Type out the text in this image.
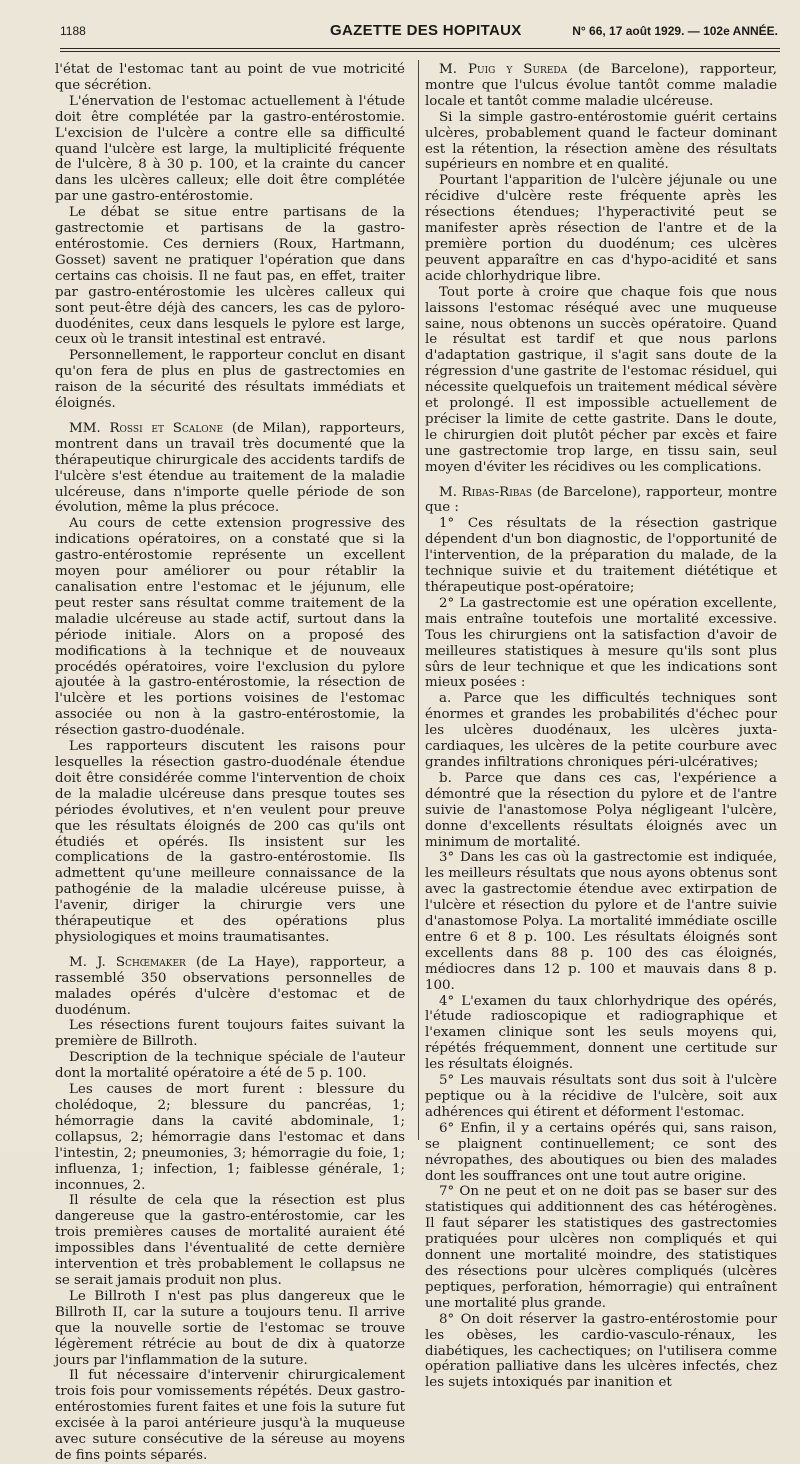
1188	GAZETTE DES HOPITAUX	N° 66, 17 août 1929. — 102e ANNÉE.

l'état de l'estomac tant au point de vue motricité que sécrétion.

L'énervation de l'estomac actuellement à l'étude doit être complétée par la gastro-entérostomie. L'excision de l'ulcère a contre elle sa difficulté quand l'ulcère est large, la multiplicité fréquente de l'ulcère, 8 à 30 p. 100, et la crainte du cancer dans les ulcères calleux; elle doit être complétée par une gastro-entérostomie.

Le débat se situe entre partisans de la gastrectomie et partisans de la gastro-entérostomie. Ces derniers (Roux, Hartmann, Gosset) savent ne pratiquer l'opération que dans certains cas choisis. Il ne faut pas, en effet, traiter par gastro-entérostomie les ulcères calleux qui sont peut-être déjà des cancers, les cas de pyloro-duodénites, ceux dans lesquels le pylore est large, ceux où le transit intestinal est entravé.

Personnellement, le rapporteur conclut en disant qu'on fera de plus en plus de gastrectomies en raison de la sécurité des résultats immédiats et éloignés.

MM. Rossi et Scalone (de Milan), rapporteurs, montrent dans un travail très documenté que la thérapeutique chirurgicale des accidents tardifs de l'ulcère s'est étendue au traitement de la maladie ulcéreuse, dans n'importe quelle période de son évolution, même la plus précoce.

Au cours de cette extension progressive des indications opératoires, on a constaté que si la gastro-entérostomie représente un excellent moyen pour améliorer ou pour rétablir la canalisation entre l'estomac et le jéjunum, elle peut rester sans résultat comme traitement de la maladie ulcéreuse au stade actif, surtout dans la période initiale. Alors on a proposé des modifications à la technique et de nouveaux procédés opératoires, voire l'exclusion du pylore ajoutée à la gastro-entérostomie, la résection de l'ulcère et les portions voisines de l'estomac associée ou non à la gastro-entérostomie, la résection gastro-duodénale.

Les rapporteurs discutent les raisons pour lesquelles la résection gastro-duodénale étendue doit être considérée comme l'intervention de choix de la maladie ulcéreuse dans presque toutes ses périodes évolutives, et n'en veulent pour preuve que les résultats éloignés de 200 cas qu'ils ont étudiés et opérés. Ils insistent sur les complications de la gastro-entérostomie. Ils admettent qu'une meilleure connaissance de la pathogénie de la maladie ulcéreuse puisse, à l'avenir, diriger la chirurgie vers une thérapeutique et des opérations plus physiologiques et moins traumatisantes.

M. J. Schœmaker (de La Haye), rapporteur, a rassemblé 350 observations personnelles de malades opérés d'ulcère d'estomac et de duodénum.

Les résections furent toujours faites suivant la première de Billroth.

Description de la technique spéciale de l'auteur dont la mortalité opératoire a été de 5 p. 100.

Les causes de mort furent : blessure du cholédoque, 2; blessure du pancréas, 1; hémorragie dans la cavité abdominale, 1; collapsus, 2; hémorragie dans l'estomac et dans l'intestin, 2; pneumonies, 3; hémorragie du foie, 1; influenza, 1; infection, 1; faiblesse générale, 1; inconnues, 2.

Il résulte de cela que la résection est plus dangereuse que la gastro-entérostomie, car les trois premières causes de mortalité auraient été impossibles dans l'éventualité de cette dernière intervention et très probablement le collapsus ne se serait jamais produit non plus.

Le Billroth I n'est pas plus dangereux que le Billroth II, car la suture a toujours tenu. Il arrive que la nouvelle sortie de l'estomac se trouve légèrement rétrécie au bout de dix à quatorze jours par l'inflammation de la suture.

Il fut nécessaire d'intervenir chirurgicalement trois fois pour vomissements répétés. Deux gastro-entérostomies furent faites et une fois la suture fut excisée à la paroi antérieure jusqu'à la muqueuse avec suture consécutive de la séreuse au moyens de fins points séparés.

M. Puig y Sureda (de Barcelone), rapporteur, montre que l'ulcus évolue tantôt comme maladie locale et tantôt comme maladie ulcéreuse.

Si la simple gastro-entérostomie guérit certains ulcères, probablement quand le facteur dominant est la rétention, la résection amène des résultats supérieurs en nombre et en qualité.

Pourtant l'apparition de l'ulcère jéjunale ou une récidive d'ulcère reste fréquente après les résections étendues; l'hyperactivité peut se manifester après résection de l'antre et de la première portion du duodénum; ces ulcères peuvent apparaître en cas d'hypo-acidité et sans acide chlorhydrique libre.

Tout porte à croire que chaque fois que nous laissons l'estomac réséqué avec une muqueuse saine, nous obtenons un succès opératoire. Quand le résultat est tardif et que nous parlons d'adaptation gastrique, il s'agit sans doute de la régression d'une gastrite de l'estomac résiduel, qui nécessite quelquefois un traitement médical sévère et prolongé. Il est impossible actuellement de préciser la limite de cette gastrite. Dans le doute, le chirurgien doit plutôt pécher par excès et faire une gastrectomie trop large, en tissu sain, seul moyen d'éviter les récidives ou les complications.

M. Ribas-Ribas (de Barcelone), rapporteur, montre que :

1° Ces résultats de la résection gastrique dépendent d'un bon diagnostic, de l'opportunité de l'intervention, de la préparation du malade, de la technique suivie et du traitement diététique et thérapeutique post-opératoire;

2° La gastrectomie est une opération excellente, mais entraîne toutefois une mortalité excessive. Tous les chirurgiens ont la satisfaction d'avoir de meilleures statistiques à mesure qu'ils sont plus sûrs de leur technique et que les indications sont mieux posées :

a. Parce que les difficultés techniques sont énormes et grandes les probabilités d'échec pour les ulcères duodénaux, les ulcères juxta-cardiaques, les ulcères de la petite courbure avec grandes infiltrations chroniques péri-ulcératives;

b. Parce que dans ces cas, l'expérience a démontré que la résection du pylore et de l'antre suivie de l'anastomose Polya négligeant l'ulcère, donne d'excellents résultats éloignés avec un minimum de mortalité.

3° Dans les cas où la gastrectomie est indiquée, les meilleurs résultats que nous ayons obtenus sont avec la gastrectomie étendue avec extirpation de l'ulcère et résection du pylore et de l'antre suivie d'anastomose Polya. La mortalité immédiate oscille entre 6 et 8 p. 100. Les résultats éloignés sont excellents dans 88 p. 100 des cas éloignés, médiocres dans 12 p. 100 et mauvais dans 8 p. 100.

4° L'examen du taux chlorhydrique des opérés, l'étude radioscopique et radiographique et l'examen clinique sont les seuls moyens qui, répétés fréquemment, donnent une certitude sur les résultats éloignés.

5° Les mauvais résultats sont dus soit à l'ulcère peptique ou à la récidive de l'ulcère, soit aux adhérences qui étirent et déforment l'estomac.

6° Enfin, il y a certains opérés qui, sans raison, se plaignent continuellement; ce sont des névropathes, des aboutiques ou bien des malades dont les souffrances ont une tout autre origine.

7° On ne peut et on ne doit pas se baser sur des statistiques qui additionnent des cas hétérogènes. Il faut séparer les statistiques des gastrectomies pratiquées pour ulcères non compliqués et qui donnent une mortalité moindre, des statistiques des résections pour ulcères compliqués (ulcères peptiques, perforation, hémorragie) qui entraînent une mortalité plus grande.

8° On doit réserver la gastro-entérostomie pour les obèses, les cardio-vasculo-rénaux, les diabétiques, les cachectiques; on l'utilisera comme opération palliative dans les ulcères infectés, chez les sujets intoxiqués par inanition et
